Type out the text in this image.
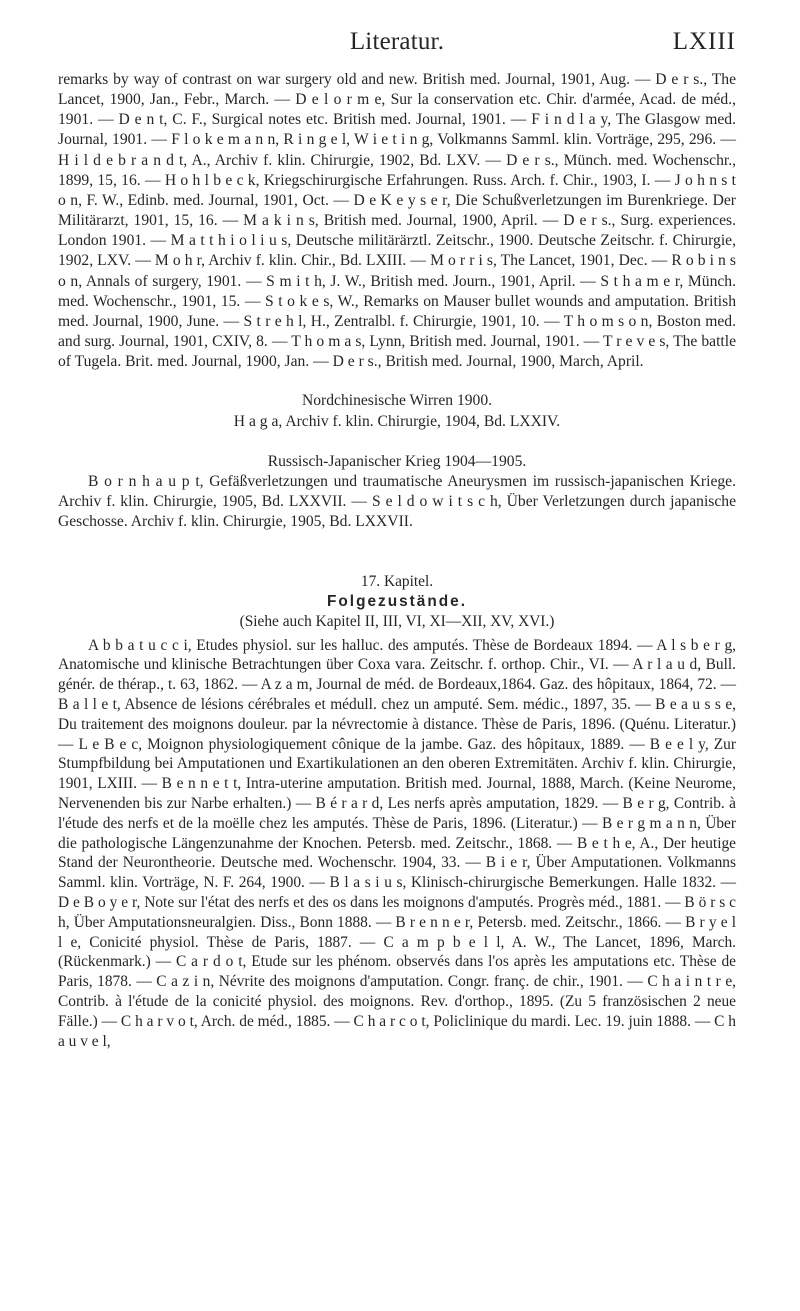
Literatur.	LXIII

remarks by way of contrast on war surgery old and new. British med. Journal, 1901, Aug. — D e r s., The Lancet, 1900, Jan., Febr., March. — D e l o r m e, Sur la conservation etc. Chir. d'armée, Acad. de méd., 1901. — D e n t, C. F., Surgical notes etc. British med. Journal, 1901. — F i n d l a y, The Glasgow med. Journal, 1901. — F l o k e m a n n, R i n g e l, W i e t i n g, Volkmanns Samml. klin. Vorträge, 295, 296. — H i l d e b r a n d t, A., Archiv f. klin. Chirurgie, 1902, Bd. LXV. — D e r s., Münch. med. Wochenschr., 1899, 15, 16. — H o h l b e c k, Kriegschirurgische Erfahrungen. Russ. Arch. f. Chir., 1903, I. — J o h n s t o n, F. W., Edinb. med. Journal, 1901, Oct. — D e K e y s e r, Die Schußverletzungen im Burenkriege. Der Militärarzt, 1901, 15, 16. — M a k i n s, British med. Journal, 1900, April. — D e r s., Surg. experiences. London 1901. — M a t t h i o l i u s, Deutsche militärärztl. Zeitschr., 1900. Deutsche Zeitschr. f. Chirurgie, 1902, LXV. — M o h r, Archiv f. klin. Chir., Bd. LXIII. — M o r r i s, The Lancet, 1901, Dec. — R o b i n s o n, Annals of surgery, 1901. — S m i t h, J. W., British med. Journ., 1901, April. — S t h a m e r, Münch. med. Wochenschr., 1901, 15. — S t o k e s, W., Remarks on Mauser bullet wounds and amputation. British med. Journal, 1900, June. — S t r e h l, H., Zentralbl. f. Chirurgie, 1901, 10. — T h o m s o n, Boston med. and surg. Journal, 1901, CXIV, 8. — T h o m a s, Lynn, British med. Journal, 1901. — T r e v e s, The battle of Tugela. Brit. med. Journal, 1900, Jan. — D e r s., British med. Journal, 1900, March, April.

Nordchinesische Wirren 1900.

H a g a, Archiv f. klin. Chirurgie, 1904, Bd. LXXIV.

Russisch-Japanischer Krieg 1904—1905.

B o r n h a u p t, Gefäßverletzungen und traumatische Aneurysmen im russisch-japanischen Kriege. Archiv f. klin. Chirurgie, 1905, Bd. LXXVII. — S e l d o w i t s c h, Über Verletzungen durch japanische Geschosse. Archiv f. klin. Chirurgie, 1905, Bd. LXXVII.

17. Kapitel.

Folgezustände.

(Siehe auch Kapitel II, III, VI, XI—XII, XV, XVI.)

A b b a t u c c i, Etudes physiol. sur les halluc. des amputés. Thèse de Bordeaux 1894. — A l s b e r g, Anatomische und klinische Betrachtungen über Coxa vara. Zeitschr. f. orthop. Chir., VI. — A r l a u d, Bull. génér. de thérap., t. 63, 1862. — A z a m, Journal de méd. de Bordeaux,1864. Gaz. des hôpitaux, 1864, 72. — B a l l e t, Absence de lésions cérébrales et médull. chez un amputé. Sem. médic., 1897, 35. — B e a u s s e, Du traitement des moignons douleur. par la névrectomie à distance. Thèse de Paris, 1896. (Quénu. Literatur.) — L e B e c, Moignon physiologiquement cônique de la jambe. Gaz. des hôpitaux, 1889. — B e e l y, Zur Stumpfbildung bei Amputationen und Exartikulationen an den oberen Extremitäten. Archiv f. klin. Chirurgie, 1901, LXIII. — B e n n e t t, Intra-uterine amputation. British med. Journal, 1888, March. (Keine Neurome, Nervenenden bis zur Narbe erhalten.) — B é r a r d, Les nerfs après amputation, 1829. — B e r g, Contrib. à l'étude des nerfs et de la moëlle chez les amputés. Thèse de Paris, 1896. (Literatur.) — B e r g m a n n, Über die pathologische Längenzunahme der Knochen. Petersb. med. Zeitschr., 1868. — B e t h e, A., Der heutige Stand der Neurontheorie. Deutsche med. Wochenschr. 1904, 33. — B i e r, Über Amputationen. Volkmanns Samml. klin. Vorträge, N. F. 264, 1900. — B l a s i u s, Klinisch-chirurgische Bemerkungen. Halle 1832. — D e B o y e r, Note sur l'état des nerfs et des os dans les moignons d'amputés. Progrès méd., 1881. — B ö r s c h, Über Amputationsneuralgien. Diss., Bonn 1888. — B r e n n e r, Petersb. med. Zeitschr., 1866. — B r y e l l e, Conicité physiol. Thèse de Paris, 1887. — C a m p b e l l, A. W., The Lancet, 1896, March. (Rückenmark.) — C a r d o t, Etude sur les phénom. observés dans l'os après les amputations etc. Thèse de Paris, 1878. — C a z i n, Névrite des moignons d'amputation. Congr. franç. de chir., 1901. — C h a i n t r e, Contrib. à l'étude de la conicité physiol. des moignons. Rev. d'orthop., 1895. (Zu 5 französischen 2 neue Fälle.) — C h a r v o t, Arch. de méd., 1885. — C h a r c o t, Policlinique du mardi. Lec. 19. juin 1888. — C h a u v e l,
